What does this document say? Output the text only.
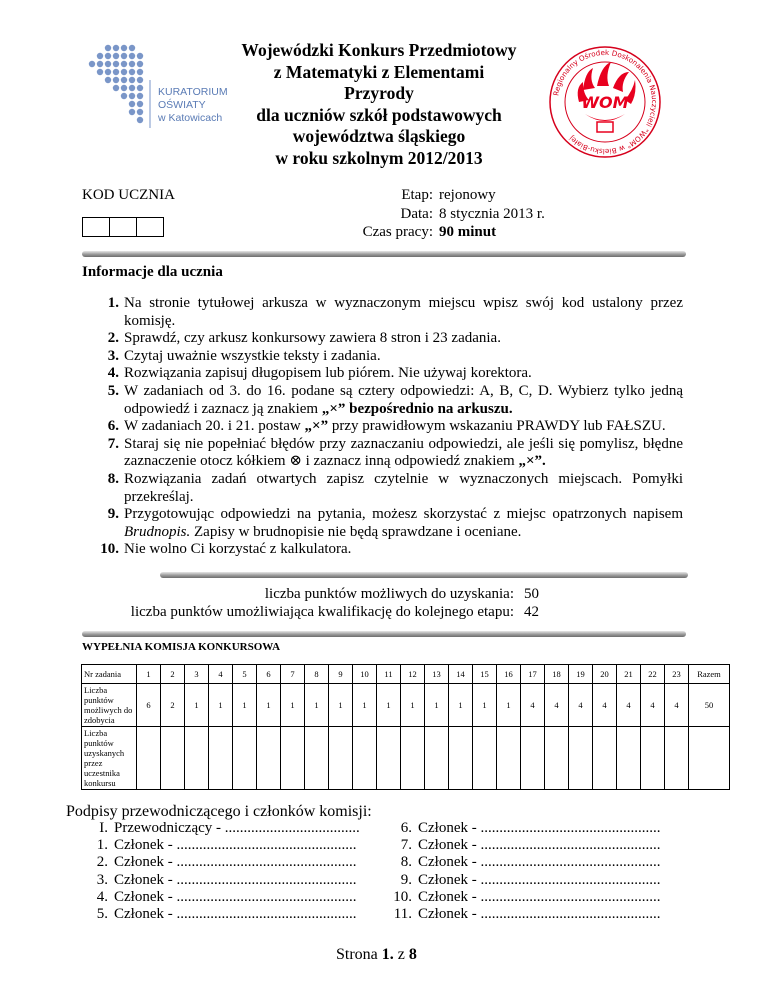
KURATORIUM
OŚWIATY
w Katowicach
Wojewódzki Konkurs Przedmiotowy
z Matematyki z Elementami
Przyrody
dla uczniów szkół podstawowych
województwa śląskiego
w roku szkolnym 2012/2013
Regionalny Ośrodek Doskonalenia Nauczycieli "WOM" w Bielsku-Białej
WOM
KOD UCZNIA	Etap: rejonowy
Data: 8 stycznia 2013 r.
Czas pracy: 90 minut
Informacje dla ucznia
1. Na stronie tytułowej arkusza w wyznaczonym miejscu wpisz swój kod ustalony przez komisję.
2. Sprawdź, czy arkusz konkursowy zawiera 8 stron i 23 zadania.
3. Czytaj uważnie wszystkie teksty i zadania.
4. Rozwiązania zapisuj długopisem lub piórem. Nie używaj korektora.
5. W zadaniach od 3. do 16. podane są cztery odpowiedzi: A, B, C, D. Wybierz tylko jedną odpowiedź i zaznacz ją znakiem „×” bezpośrednio na arkuszu.
6. W zadaniach 20. i 21. postaw „×” przy prawidłowym wskazaniu PRAWDY lub FAŁSZU.
7. Staraj się nie popełniać błędów przy zaznaczaniu odpowiedzi, ale jeśli się pomylisz, błędne zaznaczenie otocz kółkiem ⊗ i zaznacz inną odpowiedź znakiem „×”.
8. Rozwiązania zadań otwartych zapisz czytelnie w wyznaczonych miejscach. Pomyłki przekreślaj.
9. Przygotowując odpowiedzi na pytania, możesz skorzystać z miejsc opatrzonych napisem Brudnopis. Zapisy w brudnopisie nie będą sprawdzane i oceniane.
10. Nie wolno Ci korzystać z kalkulatora.
liczba punktów możliwych do uzyskania: 50
liczba punktów umożliwiająca kwalifikację do kolejnego etapu: 42
WYPEŁNIA KOMISJA KONKURSOWA
Nr zadania	1	2	3	4	5	6	7	8	9	10	11	12	13	14	15	16	17	18	19	20	21	22	23	Razem
Liczba punktów możliwych do zdobycia	6	2	1	1	1	1	1	1	1	1	1	1	1	1	1	1	4	4	4	4	4	4	4	50
Liczba punktów uzyskanych przez uczestnika konkursu																								
Podpisy przewodniczącego i członków komisji:
I. Przewodniczący - ....................................
1. Członek - ................................................
2. Członek - ................................................
3. Członek - ................................................
4. Członek - ................................................
5. Członek - ................................................
6. Członek - ................................................
7. Członek - ................................................
8. Członek - ................................................
9. Członek - ................................................
10. Członek - ................................................
11. Członek - ................................................
Strona 1. z 8
